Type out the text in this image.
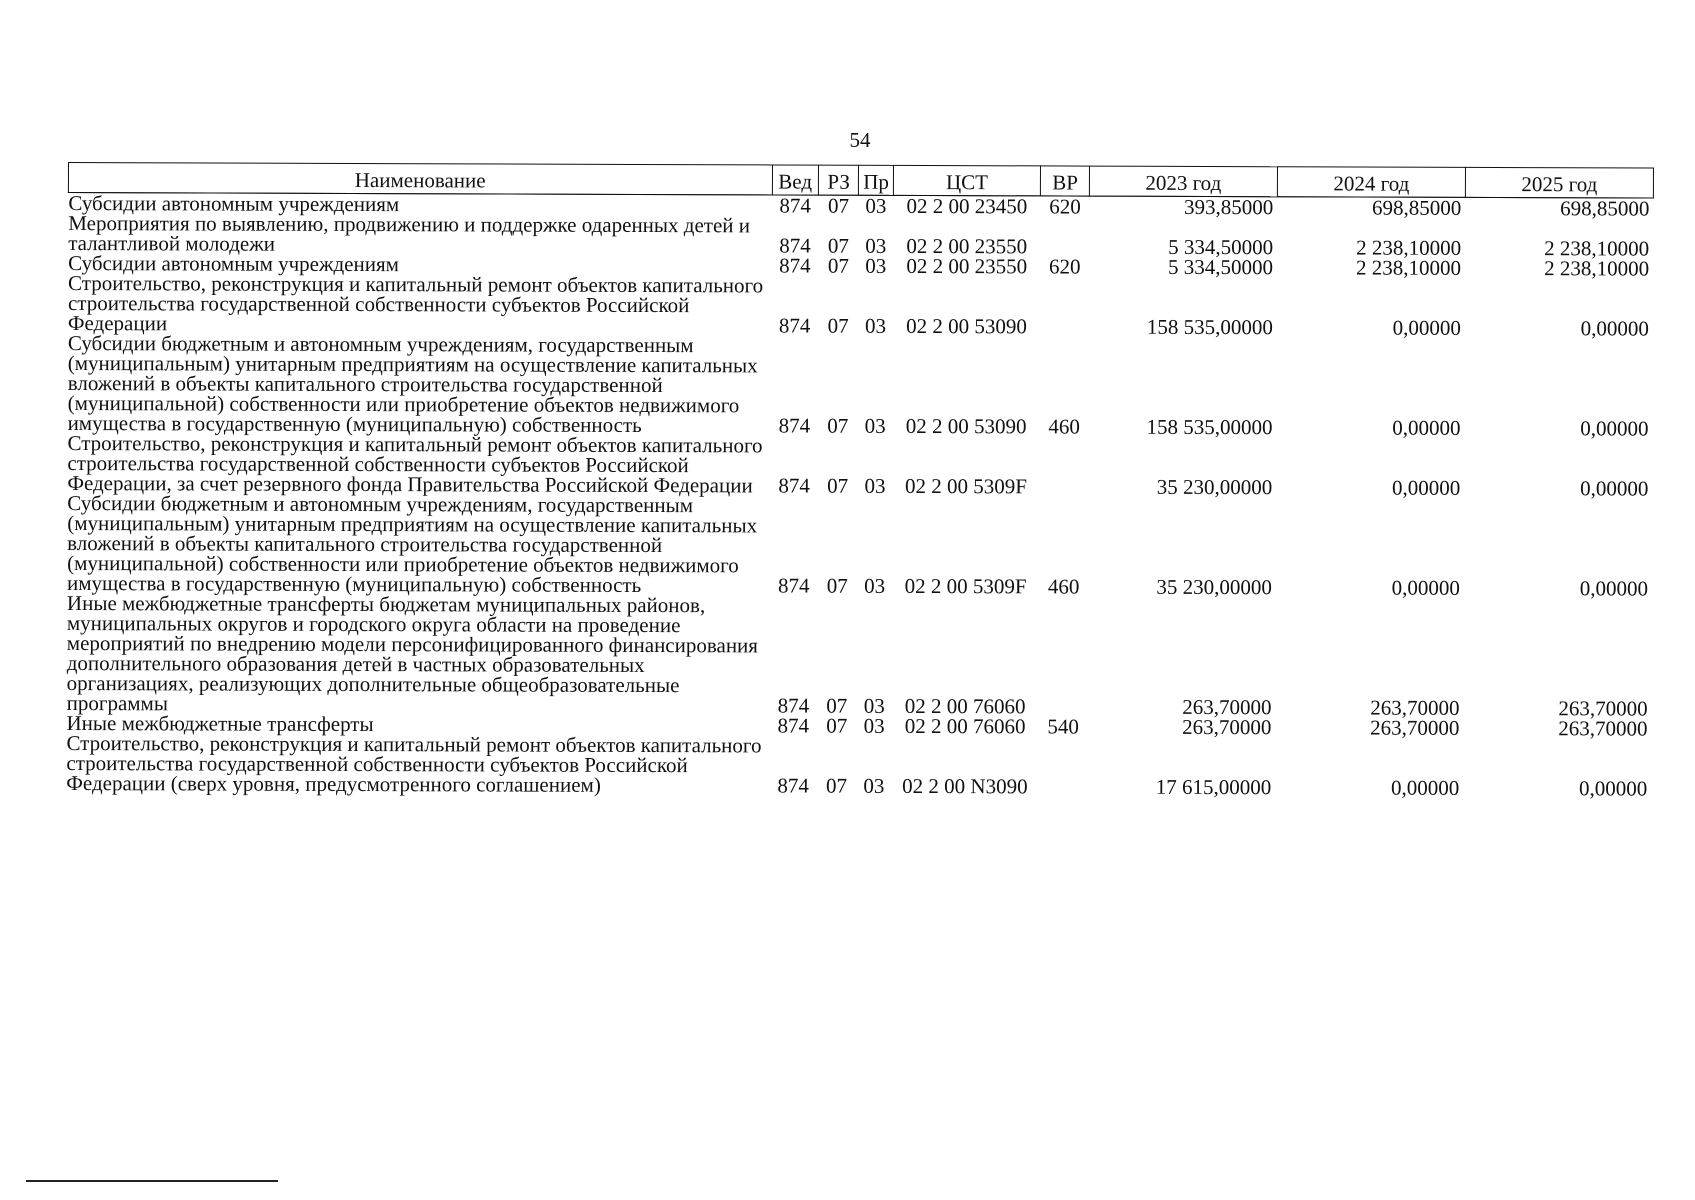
54
Наименование	Вед	РЗ	Пр	ЦСТ	ВР	2023 год	2024 год	2025 год
Субсидии автономным учреждениям	874	07	03	02 2 00 23450	620	393,85000	698,85000	698,85000
Мероприятия по выявлению, продвижению и поддержке одаренных детей и талантливой молодежи	874	07	03	02 2 00 23550		5 334,50000	2 238,10000	2 238,10000
Субсидии автономным учреждениям	874	07	03	02 2 00 23550	620	5 334,50000	2 238,10000	2 238,10000
Строительство, реконструкция и капитальный ремонт объектов капитального строительства государственной собственности субъектов Российской Федерации	874	07	03	02 2 00 53090		158 535,00000	0,00000	0,00000
Субсидии бюджетным и автономным учреждениям, государственным (муниципальным) унитарным предприятиям на осуществление капитальных вложений в объекты капитального строительства государственной (муниципальной) собственности или приобретение объектов недвижимого имущества в государственную (муниципальную) собственность	874	07	03	02 2 00 53090	460	158 535,00000	0,00000	0,00000
Строительство, реконструкция и капитальный ремонт объектов капитального строительства государственной собственности субъектов Российской Федерации, за счет резервного фонда Правительства Российской Федерации	874	07	03	02 2 00 5309F		35 230,00000	0,00000	0,00000
Субсидии бюджетным и автономным учреждениям, государственным (муниципальным) унитарным предприятиям на осуществление капитальных вложений в объекты капитального строительства государственной (муниципальной) собственности или приобретение объектов недвижимого имущества в государственную (муниципальную) собственность	874	07	03	02 2 00 5309F	460	35 230,00000	0,00000	0,00000
Иные межбюджетные трансферты бюджетам муниципальных районов, муниципальных округов и городского округа области на проведение мероприятий по внедрению модели персонифицированного финансирования дополнительного образования детей в частных образовательных организациях, реализующих дополнительные общеобразовательные программы	874	07	03	02 2 00 76060		263,70000	263,70000	263,70000
Иные межбюджетные трансферты	874	07	03	02 2 00 76060	540	263,70000	263,70000	263,70000
Строительство, реконструкция и капитальный ремонт объектов капитального строительства государственной собственности субъектов Российской Федерации (сверх уровня, предусмотренного соглашением)	874	07	03	02 2 00 N3090		17 615,00000	0,00000	0,00000
